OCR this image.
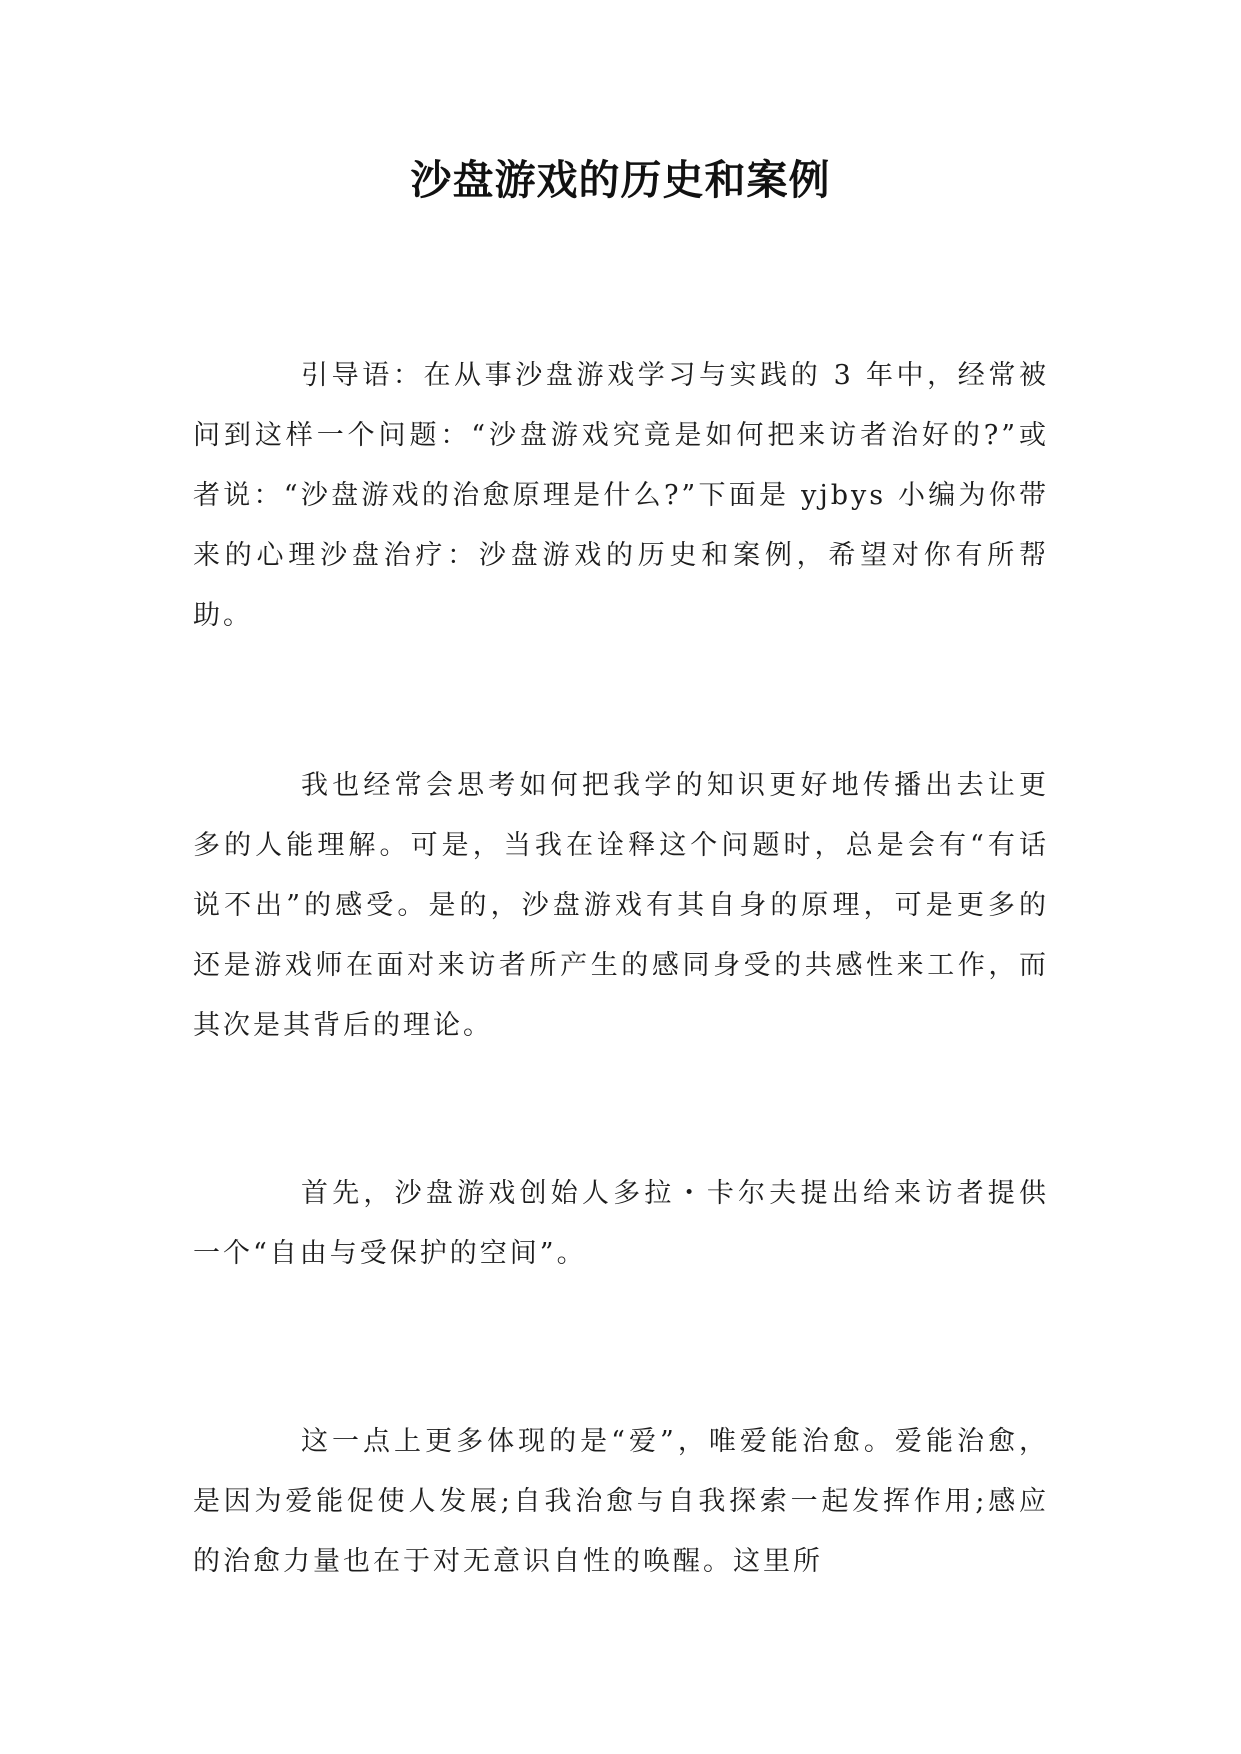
沙盘游戏的历史和案例

引导语：在从事沙盘游戏学习与实践的 3 年中，经常被问到这样一个问题：“沙盘游戏究竟是如何把来访者治好的?”或者说：“沙盘游戏的治愈原理是什么?”下面是 yjbys 小编为你带来的心理沙盘治疗：沙盘游戏的历史和案例，希望对你有所帮助。

我也经常会思考如何把我学的知识更好地传播出去让更多的人能理解。可是，当我在诠释这个问题时，总是会有“有话说不出”的感受。是的，沙盘游戏有其自身的原理，可是更多的还是游戏师在面对来访者所产生的感同身受的共感性来工作，而其次是其背后的理论。

首先，沙盘游戏创始人多拉・卡尔夫提出给来访者提供一个“自由与受保护的空间”。

这一点上更多体现的是“爱”，唯爱能治愈。爱能治愈，是因为爱能促使人发展;自我治愈与自我探索一起发挥作用;感应的治愈力量也在于对无意识自性的唤醒。这里所
